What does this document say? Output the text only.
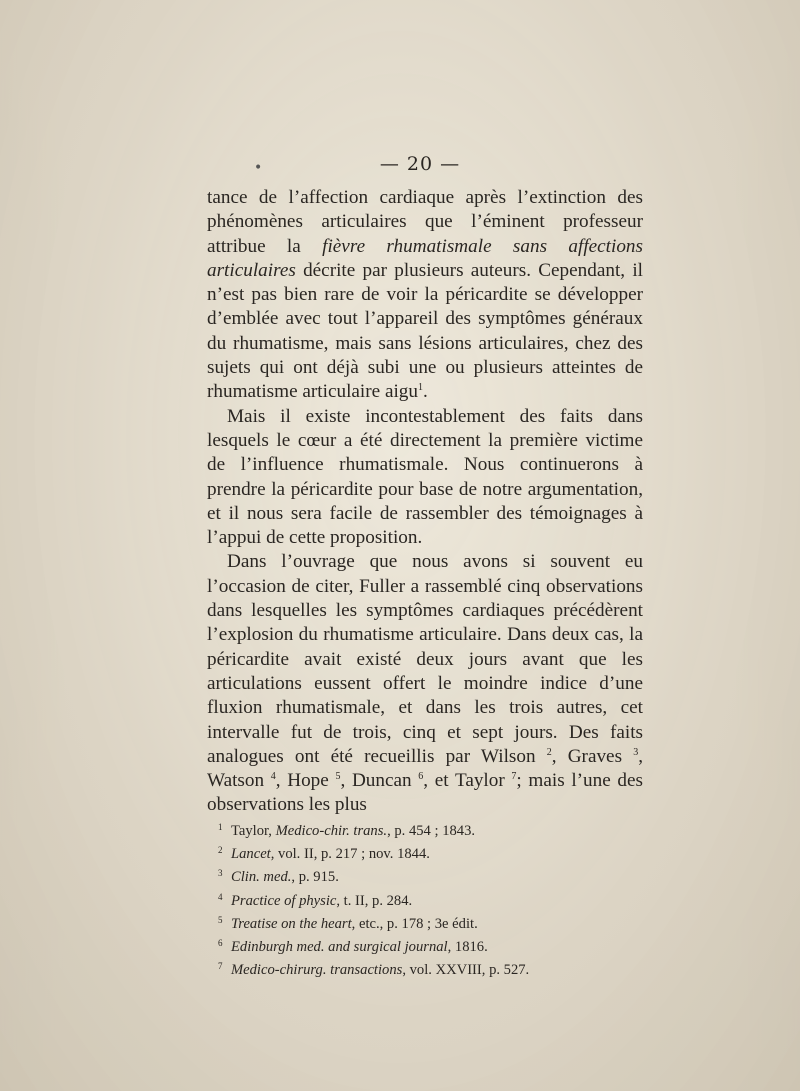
•	— 20 —

tance de l’affection cardiaque après l’extinction des phénomènes articulaires que l’éminent professeur attribue la fièvre rhumatismale sans affections articulaires décrite par plusieurs auteurs. Cependant, il n’est pas bien rare de voir la péricardite se développer d’emblée avec tout l’appareil des symptômes généraux du rhumatisme, mais sans lésions articulaires, chez des sujets qui ont déjà subi une ou plusieurs atteintes de rhumatisme articulaire aigu$^1$.

Mais il existe incontestablement des faits dans lesquels le cœur a été directement la première victime de l’influence rhumatismale. Nous continuerons à prendre la péricardite pour base de notre argumentation, et il nous sera facile de rassembler des témoignages à l’appui de cette proposition.

Dans l’ouvrage que nous avons si souvent eu l’occasion de citer, Fuller a rassemblé cinq observations dans lesquelles les symptômes cardiaques précédèrent l’explosion du rhumatisme articulaire. Dans deux cas, la péricardite avait existé deux jours avant que les articulations eussent offert le moindre indice d’une fluxion rhumatismale, et dans les trois autres, cet intervalle fut de trois, cinq et sept jours. Des faits analogues ont été recueillis par Wilson $^2$, Graves $^3$, Watson $^4$, Hope $^5$, Duncan $^6$, et Taylor $^7$; mais l’une des observations les plus

1 Taylor, Medico-chir. trans., p. 454 ; 1843.
2 Lancet, vol. II, p. 217 ; nov. 1844.
3 Clin. med., p. 915.
4 Practice of physic, t. II, p. 284.
5 Treatise on the heart, etc., p. 178 ; 3e édit.
6 Edinburgh med. and surgical journal, 1816.
7 Medico-chirurg. transactions, vol. XXVIII, p. 527.
